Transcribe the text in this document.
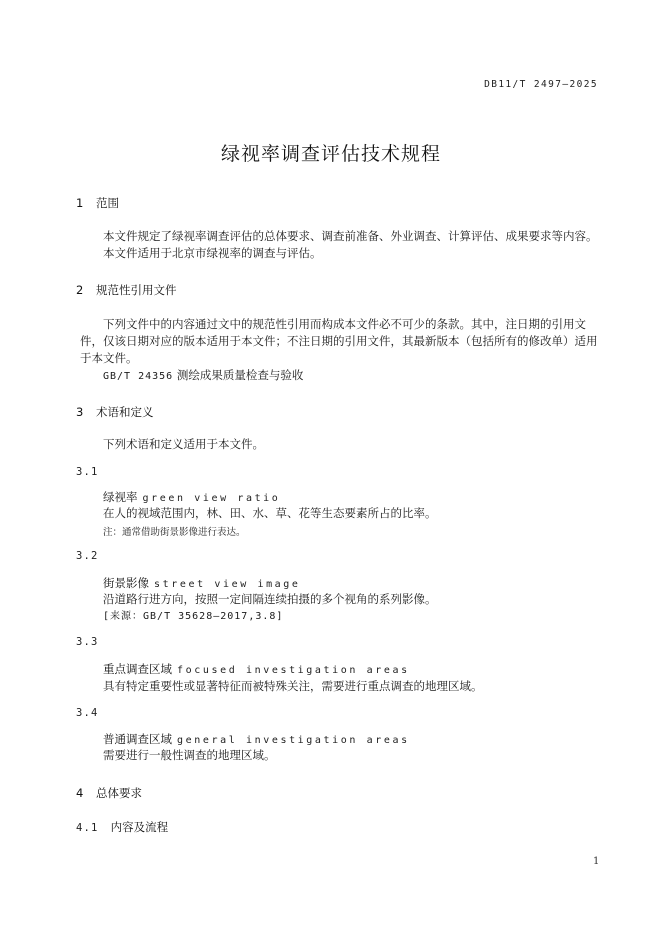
DB11/T 2497—2025
绿视率调查评估技术规程
1 范围
本文件规定了绿视率调查评估的总体要求、调查前准备、外业调查、计算评估、成果要求等内容。
本文件适用于北京市绿视率的调查与评估。
2 规范性引用文件
下列文件中的内容通过文中的规范性引用而构成本文件必不可少的条款。其中，注日期的引用文件，仅该日期对应的版本适用于本文件；不注日期的引用文件，其最新版本（包括所有的修改单）适用于本文件。
GB/T 24356 测绘成果质量检查与验收
3 术语和定义
下列术语和定义适用于本文件。
3.1
绿视率 green view ratio
在人的视域范围内，林、田、水、草、花等生态要素所占的比率。
注：通常借助街景影像进行表达。
3.2
街景影像 street view image
沿道路行进方向，按照一定间隔连续拍摄的多个视角的系列影像。
[来源：GB/T 35628—2017,3.8]
3.3
重点调查区域 focused investigation areas
具有特定重要性或显著特征而被特殊关注，需要进行重点调查的地理区域。
3.4
普通调查区域 general investigation areas
需要进行一般性调查的地理区域。
4 总体要求
4.1 内容及流程
1
